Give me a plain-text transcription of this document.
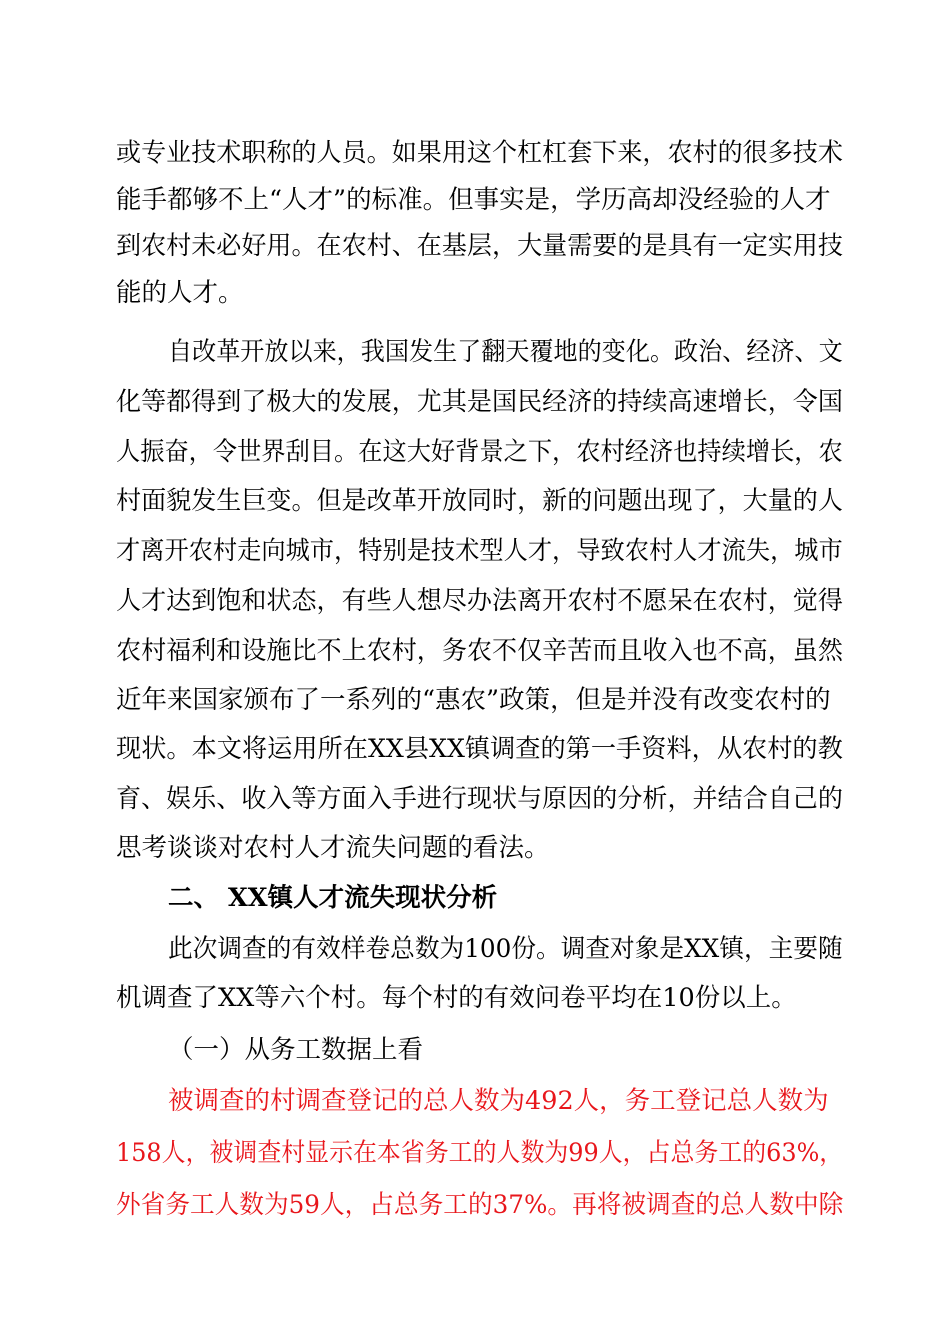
或专业技术职称的人员。如果用这个杠杠套下来，农村的很多技术
能手都够不上“人才”的标准。但事实是，学历高却没经验的人才
到农村未必好用。在农村、在基层，大量需要的是具有一定实用技
能的人才。
自改革开放以来，我国发生了翻天覆地的变化。政治、经济、文
化等都得到了极大的发展，尤其是国民经济的持续高速增长，令国
人振奋，令世界刮目。在这大好背景之下，农村经济也持续增长，农
村面貌发生巨变。但是改革开放同时，新的问题出现了，大量的人
才离开农村走向城市，特别是技术型人才，导致农村人才流失，城市
人才达到饱和状态，有些人想尽办法离开农村不愿呆在农村，觉得
农村福利和设施比不上农村，务农不仅辛苦而且收入也不高，虽然
近年来国家颁布了一系列的“惠农”政策，但是并没有改变农村的
现状。本文将运用所在XX县XX镇调查的第一手资料，从农村的教
育、娱乐、收入等方面入手进行现状与原因的分析，并结合自己的
思考谈谈对农村人才流失问题的看法。
二、 XX镇人才流失现状分析
此次调查的有效样卷总数为100份。调查对象是XX镇，主要随
机调查了XX等六个村。每个村的有效问卷平均在10份以上。
（一）从务工数据上看
被调查的村调查登记的总人数为492人，务工登记总人数为
158人，被调查村显示在本省务工的人数为99人，占总务工的63%，
外省务工人数为59人，占总务工的37%。再将被调查的总人数中除
